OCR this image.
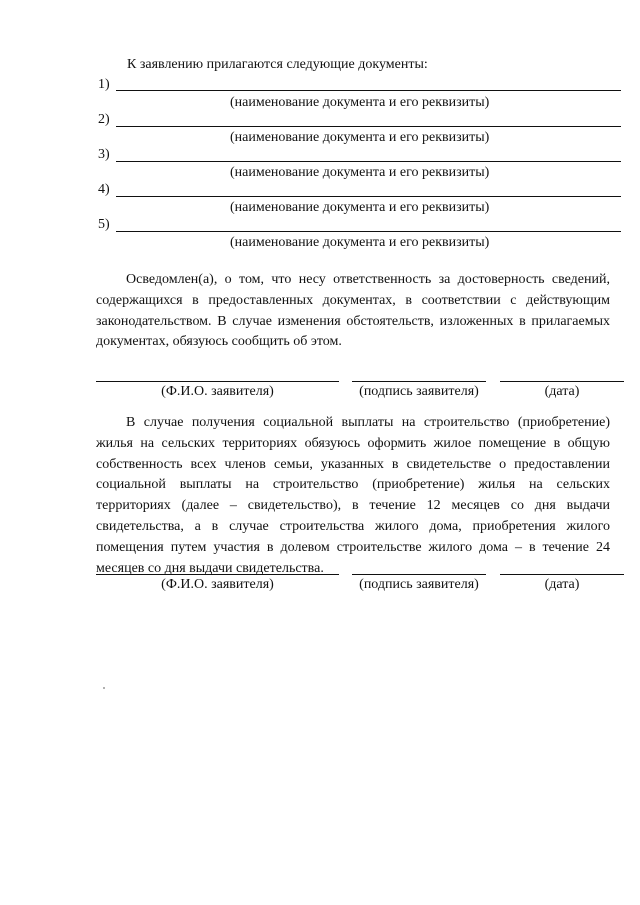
К заявлению прилагаются следующие документы:
1)
(наименование документа и его реквизиты)
2)
(наименование документа и его реквизиты)
3)
(наименование документа и его реквизиты)
4)
(наименование документа и его реквизиты)
5)
(наименование документа и его реквизиты)
Осведомлен(а), о том, что несу ответственность за достоверность сведений, содержащихся в предоставленных документах, в соответствии с действующим законодательством. В случае изменения обстоятельств, изложенных в прилагаемых документах, обязуюсь сообщить об этом.
(Ф.И.О. заявителя)	(подпись заявителя)	(дата)
В случае получения социальной выплаты на строительство (приобретение) жилья на сельских территориях обязуюсь оформить жилое помещение в общую собственность всех членов семьи, указанных в свидетельстве о предоставлении социальной выплаты на строительство (приобретение) жилья на сельских территориях (далее – свидетельство), в течение 12 месяцев со дня выдачи свидетельства, а в случае строительства жилого дома, приобретения жилого помещения путем участия в долевом строительстве жилого дома – в течение 24 месяцев со дня выдачи свидетельства.
(Ф.И.О. заявителя)	(подпись заявителя)	(дата)
